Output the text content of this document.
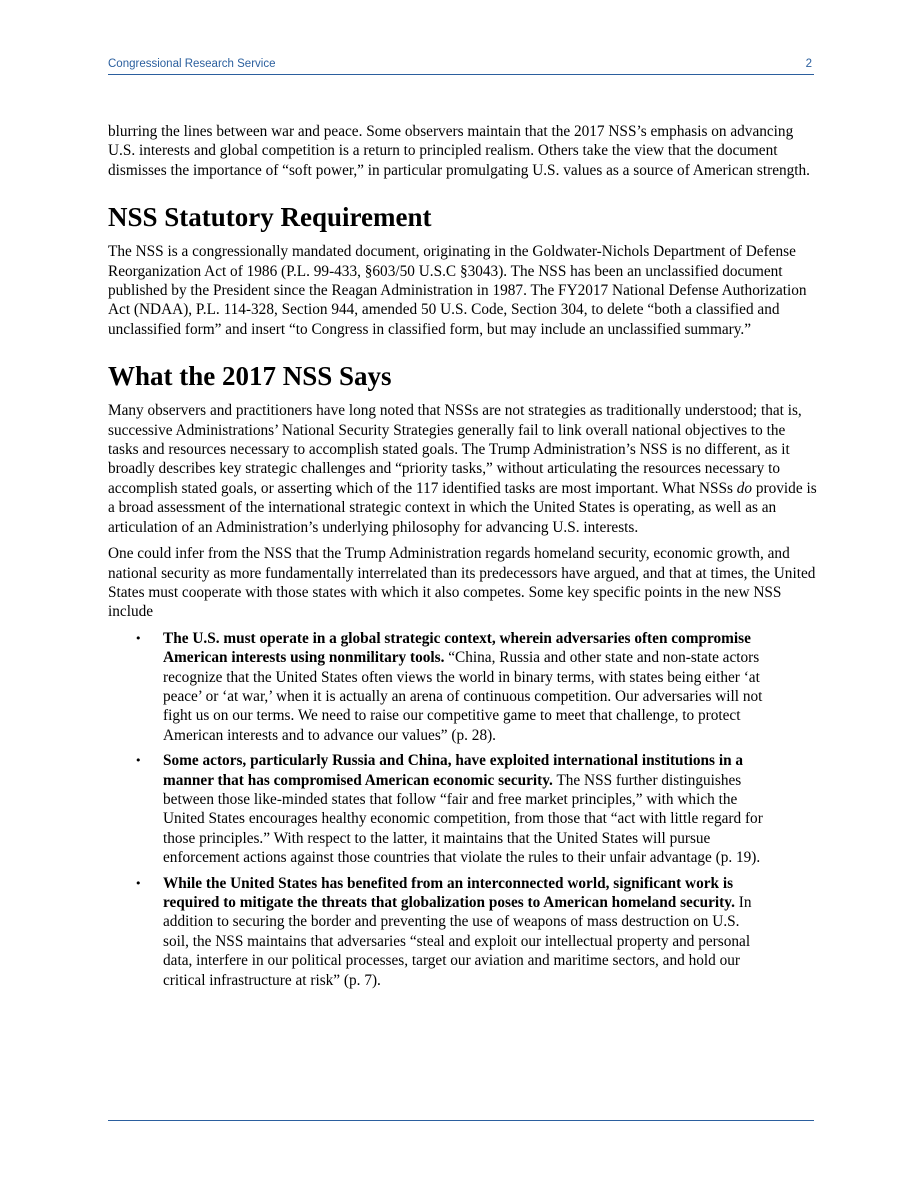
Congressional Research Service	2

blurring the lines between war and peace. Some observers maintain that the 2017 NSS’s emphasis on advancing U.S. interests and global competition is a return to principled realism. Others take the view that the document dismisses the importance of “soft power,” in particular promulgating U.S. values as a source of American strength.

NSS Statutory Requirement

The NSS is a congressionally mandated document, originating in the Goldwater-Nichols Department of Defense Reorganization Act of 1986 (P.L. 99-433, §603/50 U.S.C §3043). The NSS has been an unclassified document published by the President since the Reagan Administration in 1987. The FY2017 National Defense Authorization Act (NDAA), P.L. 114-328, Section 944, amended 50 U.S. Code, Section 304, to delete “both a classified and unclassified form” and insert “to Congress in classified form, but may include an unclassified summary.”

What the 2017 NSS Says

Many observers and practitioners have long noted that NSSs are not strategies as traditionally understood; that is, successive Administrations’ National Security Strategies generally fail to link overall national objectives to the tasks and resources necessary to accomplish stated goals. The Trump Administration’s NSS is no different, as it broadly describes key strategic challenges and “priority tasks,” without articulating the resources necessary to accomplish stated goals, or asserting which of the 117 identified tasks are most important. What NSSs do provide is a broad assessment of the international strategic context in which the United States is operating, as well as an articulation of an Administration’s underlying philosophy for advancing U.S. interests.

One could infer from the NSS that the Trump Administration regards homeland security, economic growth, and national security as more fundamentally interrelated than its predecessors have argued, and that at times, the United States must cooperate with those states with which it also competes. Some key specific points in the new NSS include

• The U.S. must operate in a global strategic context, wherein adversaries often compromise American interests using nonmilitary tools. “China, Russia and other state and non-state actors recognize that the United States often views the world in binary terms, with states being either ‘at peace’ or ‘at war,’ when it is actually an arena of continuous competition. Our adversaries will not fight us on our terms. We need to raise our competitive game to meet that challenge, to protect American interests and to advance our values” (p. 28).
• Some actors, particularly Russia and China, have exploited international institutions in a manner that has compromised American economic security. The NSS further distinguishes between those like-minded states that follow “fair and free market principles,” with which the United States encourages healthy economic competition, from those that “act with little regard for those principles.” With respect to the latter, it maintains that the United States will pursue enforcement actions against those countries that violate the rules to their unfair advantage (p. 19).
• While the United States has benefited from an interconnected world, significant work is required to mitigate the threats that globalization poses to American homeland security. In addition to securing the border and preventing the use of weapons of mass destruction on U.S. soil, the NSS maintains that adversaries “steal and exploit our intellectual property and personal data, interfere in our political processes, target our aviation and maritime sectors, and hold our critical infrastructure at risk” (p. 7).
